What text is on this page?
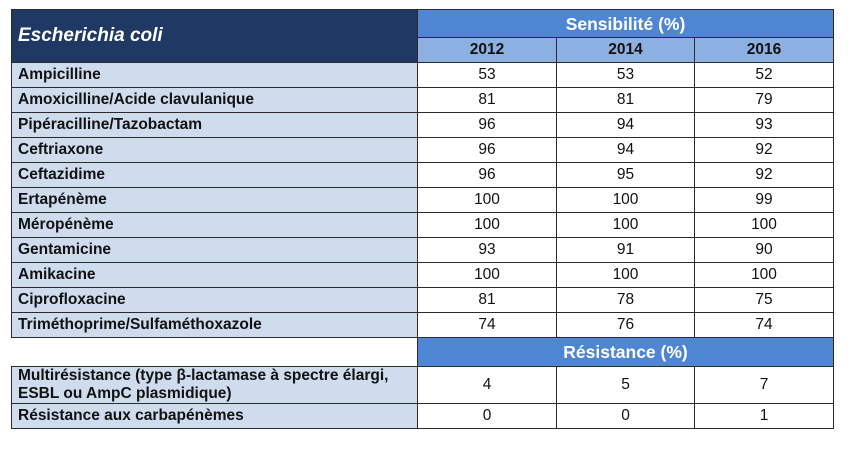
Escherichia coli	Sensibilité (%)		
	2012	2014	2016
Ampicilline	53	53	52
Amoxicilline/Acide clavulanique	81	81	79
Pipéracilline/Tazobactam	96	94	93
Ceftriaxone	96	94	92
Ceftazidime	96	95	92
Ertapénème	100	100	99
Méropénème	100	100	100
Gentamicine	93	91	90
Amikacine	100	100	100
Ciprofloxacine	81	78	75
Triméthoprime/Sulfaméthoxazole	74	76	74
	Résistance (%)		
Multirésistance (type β-lactamase à spectre élargi, ESBL ou AmpC plasmidique)	4	5	7
Résistance aux carbapénèmes	0	0	1
